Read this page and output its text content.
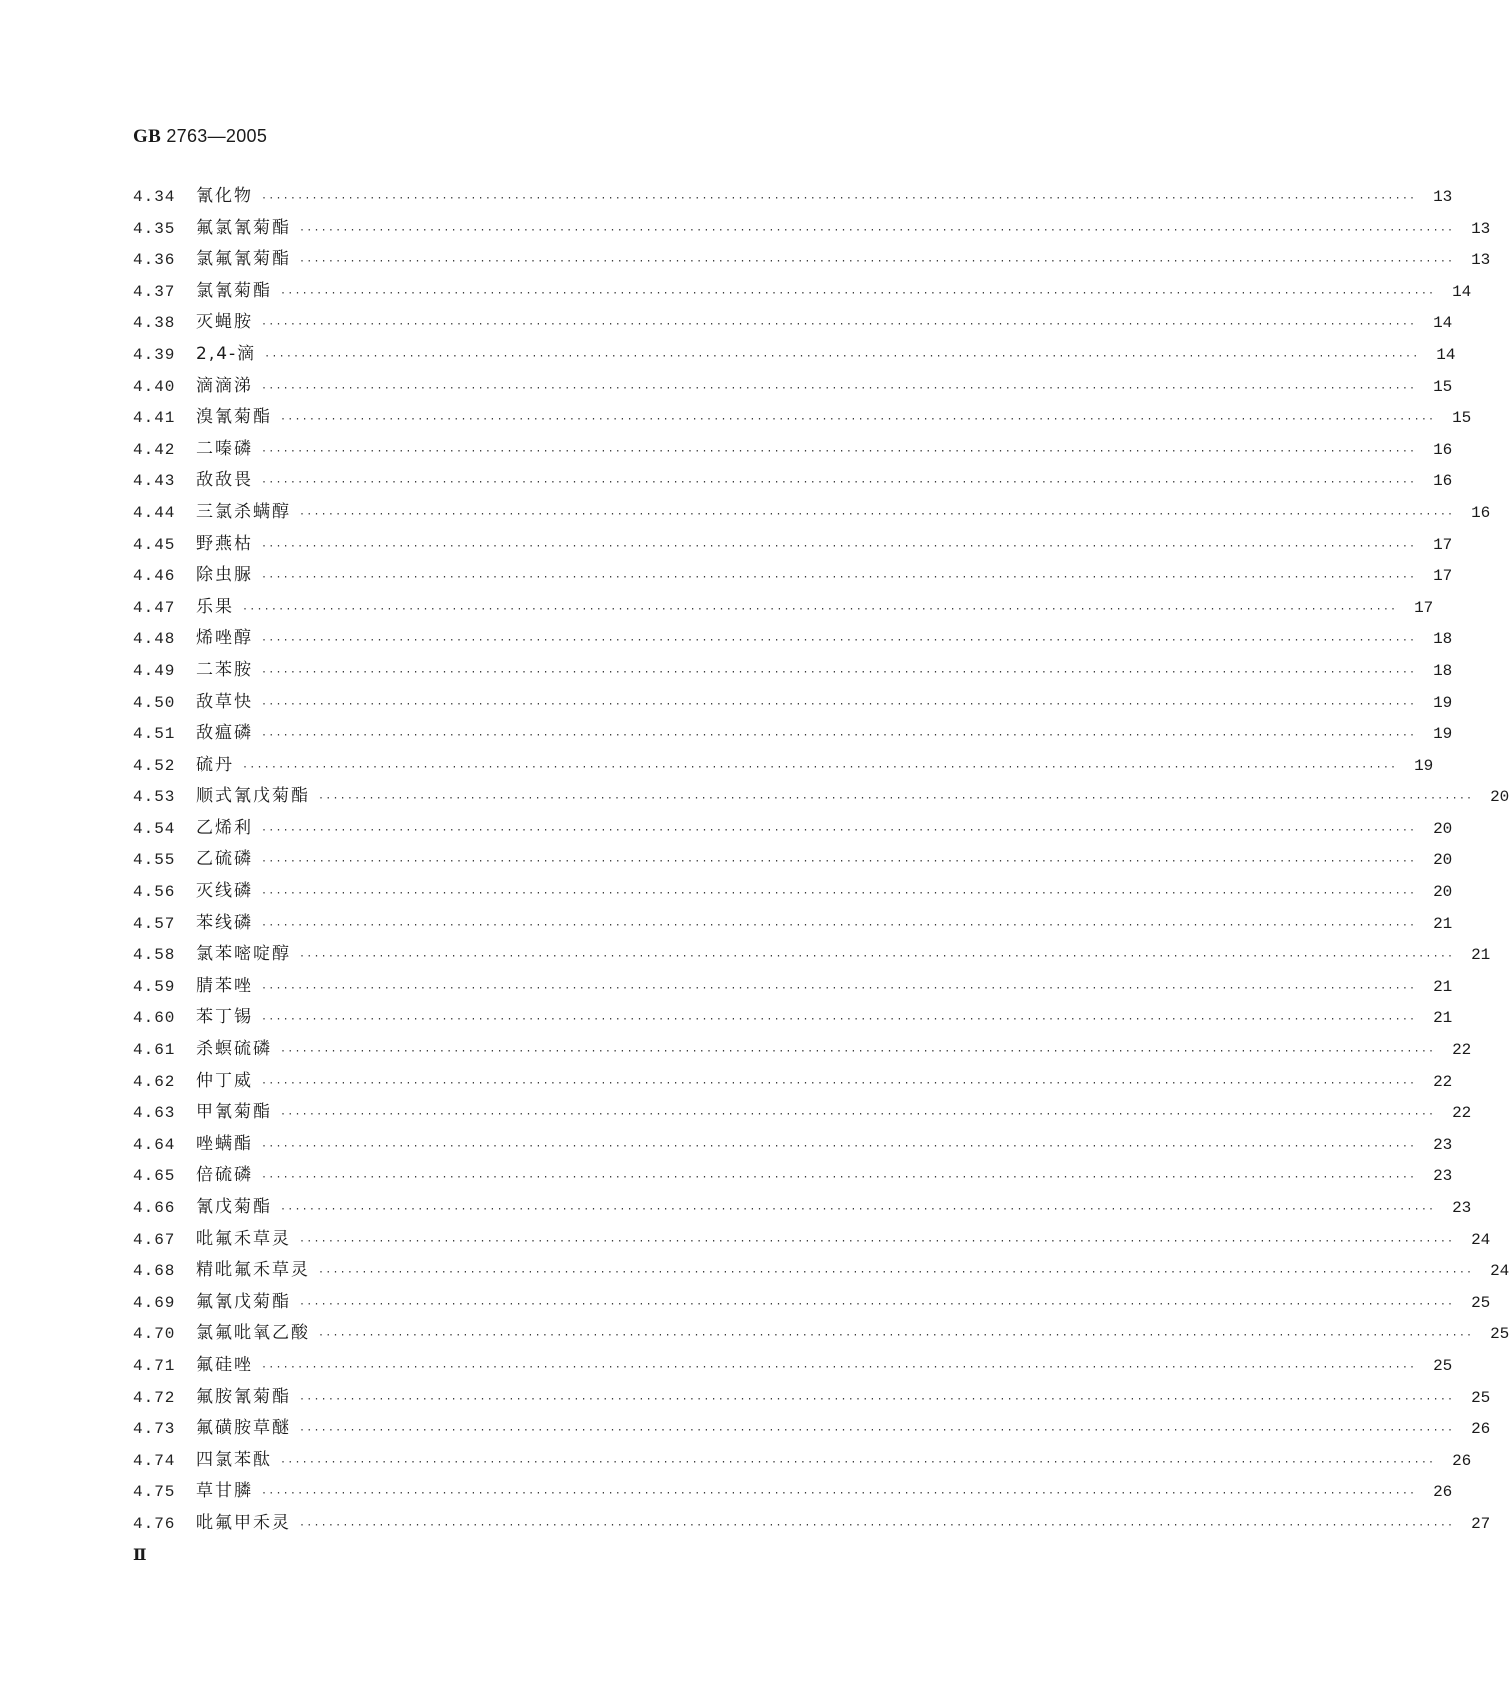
GB 2763—2005
4.34	氰化物 ································································································································································	13
4.35	氟氯氰菊酯 ································································································································································	13
4.36	氯氟氰菊酯 ································································································································································	13
4.37	氯氰菊酯 ································································································································································	14
4.38	灭蝇胺 ································································································································································	14
4.39	2,4-滴 ································································································································································	14
4.40	滴滴涕 ································································································································································	15
4.41	溴氰菊酯 ································································································································································	15
4.42	二嗪磷 ································································································································································	16
4.43	敌敌畏 ································································································································································	16
4.44	三氯杀螨醇 ································································································································································	16
4.45	野燕枯 ································································································································································	17
4.46	除虫脲 ································································································································································	17
4.47	乐果 ································································································································································	17
4.48	烯唑醇 ································································································································································	18
4.49	二苯胺 ································································································································································	18
4.50	敌草快 ································································································································································	19
4.51	敌瘟磷 ································································································································································	19
4.52	硫丹 ································································································································································	19
4.53	顺式氰戊菊酯 ································································································································································	20
4.54	乙烯利 ································································································································································	20
4.55	乙硫磷 ································································································································································	20
4.56	灭线磷 ································································································································································	20
4.57	苯线磷 ································································································································································	21
4.58	氯苯嘧啶醇 ································································································································································	21
4.59	腈苯唑 ································································································································································	21
4.60	苯丁锡 ································································································································································	21
4.61	杀螟硫磷 ································································································································································	22
4.62	仲丁威 ································································································································································	22
4.63	甲氰菊酯 ································································································································································	22
4.64	唑螨酯 ································································································································································	23
4.65	倍硫磷 ································································································································································	23
4.66	氰戊菊酯 ································································································································································	23
4.67	吡氟禾草灵 ································································································································································	24
4.68	精吡氟禾草灵 ································································································································································	24
4.69	氟氰戊菊酯 ································································································································································	25
4.70	氯氟吡氧乙酸 ································································································································································	25
4.71	氟硅唑 ································································································································································	25
4.72	氟胺氰菊酯 ································································································································································	25
4.73	氟磺胺草醚 ································································································································································	26
4.74	四氯苯酞 ································································································································································	26
4.75	草甘膦 ································································································································································	26
4.76	吡氟甲禾灵 ································································································································································	27
Ⅱ
